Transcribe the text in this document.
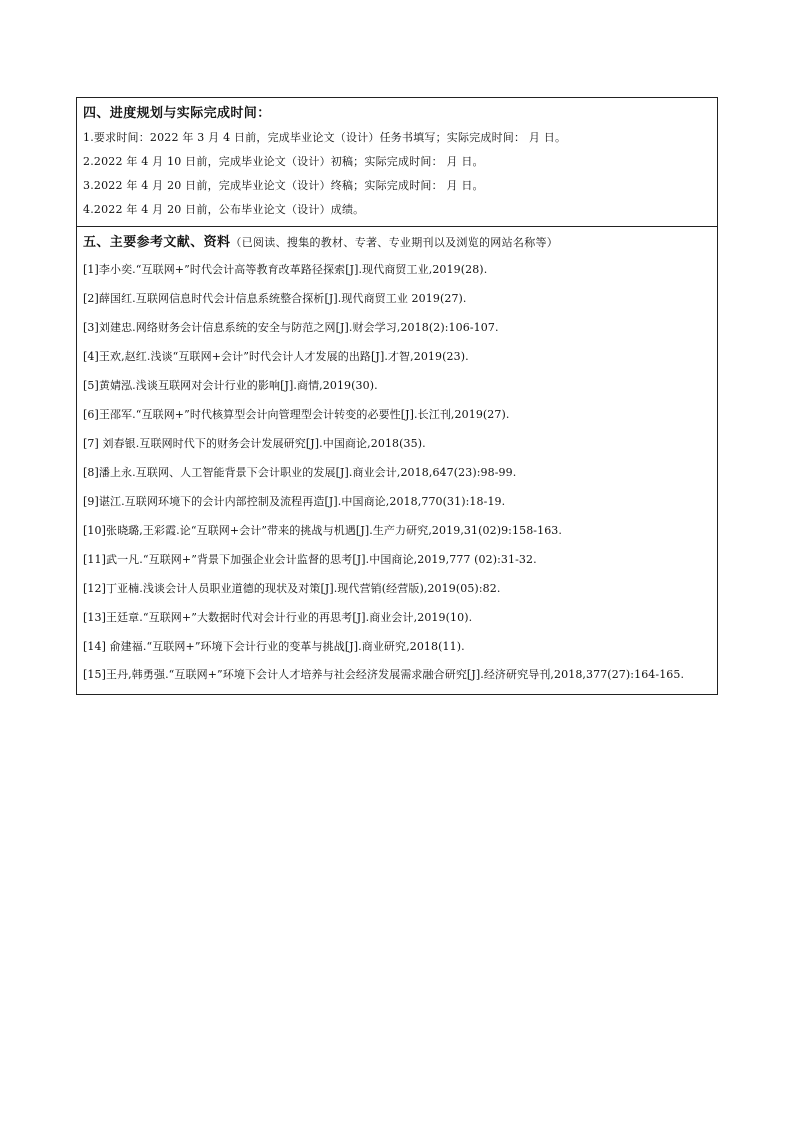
四、进度规划与实际完成时间：
1.要求时间：2022 年 3 月 4 日前，完成毕业论文（设计）任务书填写；实际完成时间： 月 日。
2.2022 年 4 月 10 日前，完成毕业论文（设计）初稿；实际完成时间： 月 日。
3.2022 年 4 月 20 日前，完成毕业论文（设计）终稿；实际完成时间： 月 日。
4.2022 年 4 月 20 日前，公布毕业论文（设计）成绩。
五、主要参考文献、资料（已阅读、搜集的教材、专著、专业期刊以及浏览的网站名称等）
[1]李小奕.“互联网+”时代会计高等教育改革路径探索[J].现代商贸工业,2019(28).
[2]薛国红.互联网信息时代会计信息系统整合探析[J].现代商贸工业 2019(27).
[3]刘建忠.网络财务会计信息系统的安全与防范之网[J].财会学习,2018(2):106-107.
[4]王欢,赵红.浅谈“互联网+会计”时代会计人才发展的出路[J].才智,2019(23).
[5]黄婧泓.浅谈互联网对会计行业的影响[J].商情,2019(30).
[6]王邵军.“互联网+”时代核算型会计向管理型会计转变的必要性[J].长江刊,2019(27).
[7] 刘春银.互联网时代下的财务会计发展研究[J].中国商论,2018(35).
[8]潘上永.互联网、人工智能背景下会计职业的发展[J].商业会计,2018,647(23):98-99.
[9]谌江.互联网环境下的会计内部控制及流程再造[J].中国商论,2018,770(31):18-19.
[10]张晓璐,王彩霞.论“互联网+会计”带来的挑战与机遇[J].生产力研究,2019,31(02)9:158-163.
[11]武一凡.“互联网+”背景下加强企业会计监督的思考[J].中国商论,2019,777 (02):31-32.
[12]丁亚楠.浅谈会计人员职业道德的现状及对策[J].现代营销(经营版),2019(05):82.
[13]王廷章.“互联网+”大数据时代对会计行业的再思考[J].商业会计,2019(10).
[14] 俞建福.“互联网+”环境下会计行业的变革与挑战[J].商业研究,2018(11).
[15]王丹,韩勇强.“互联网+”环境下会计人才培养与社会经济发展需求融合研究[J].经济研究导刊,2018,377(27):164-165.
